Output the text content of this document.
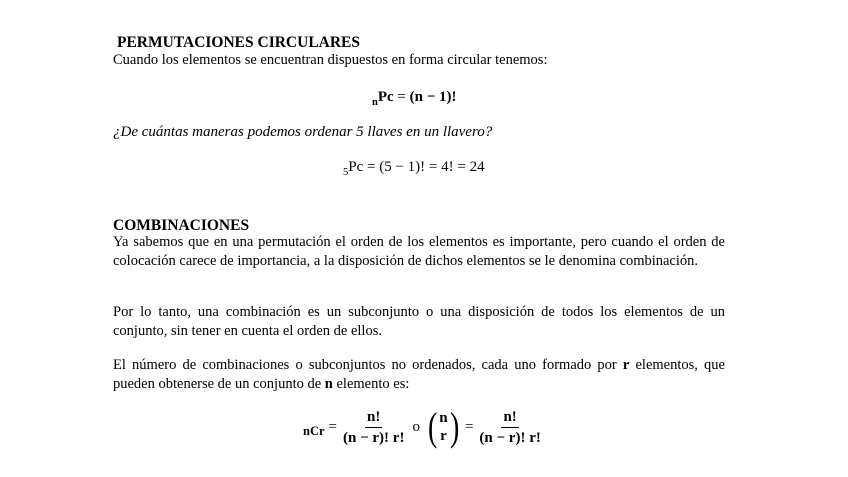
PERMUTACIONES CIRCULARES
Cuando los elementos se encuentran dispuestos en forma circular tenemos:
$_n$Pc = (n − 1)!
¿De cuántas maneras podemos ordenar 5 llaves en un llavero?
$_5$Pc = (5 − 1)! = 4! = 24
COMBINACIONES
Ya sabemos que en una permutación el orden de los elementos es importante, pero cuando el orden de colocación carece de importancia, a la disposición de dichos elementos se le denomina combinación.
Por lo tanto, una combinación es un subconjunto o una disposición de todos los elementos de un conjunto, sin tener en cuenta el orden de ellos.
El número de combinaciones o subconjuntos no ordenados, cada uno formado por r elementos, que pueden obtenerse de un conjunto de n elemento es:
nCr = $\frac{n!}{(n - r)! r!}$ o ( n
r ) = $\frac{n!}{(n - r)! r!}$
